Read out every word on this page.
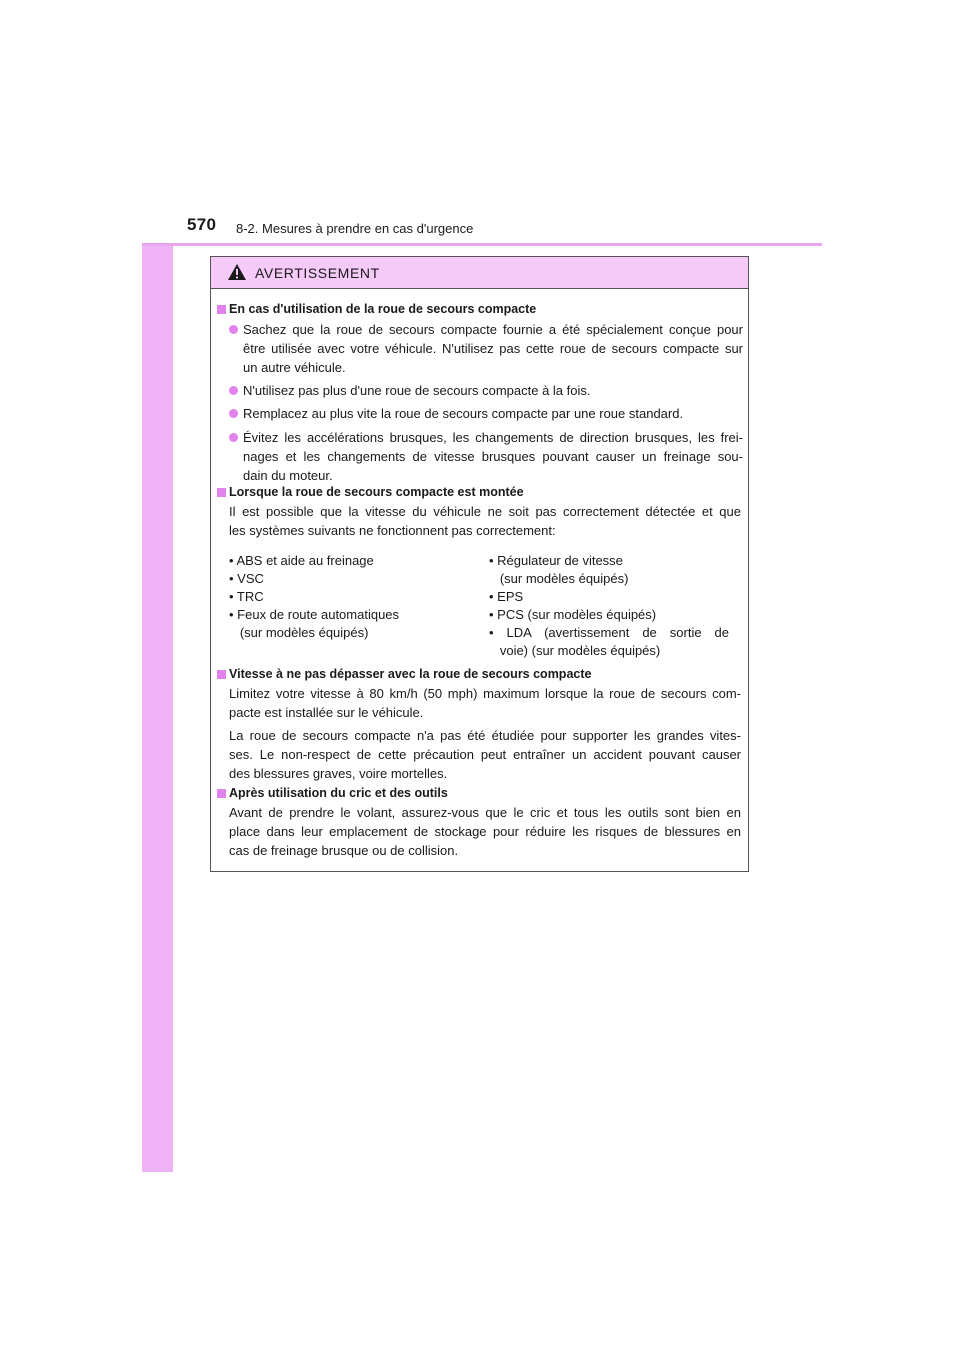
570 8-2. Mesures à prendre en cas d'urgence
AVERTISSEMENT
En cas d'utilisation de la roue de secours compacte
Sachez que la roue de secours compacte fournie a été spécialement conçue pour
être utilisée avec votre véhicule. N'utilisez pas cette roue de secours compacte sur
un autre véhicule.
N'utilisez pas plus d'une roue de secours compacte à la fois.
Remplacez au plus vite la roue de secours compacte par une roue standard.
Évitez les accélérations brusques, les changements de direction brusques, les frei-
nages et les changements de vitesse brusques pouvant causer un freinage sou-
dain du moteur.
Lorsque la roue de secours compacte est montée
Il est possible que la vitesse du véhicule ne soit pas correctement détectée et que
les systèmes suivants ne fonctionnent pas correctement:
• ABS et aide au freinage
• VSC
• TRC
• Feux de route automatiques
(sur modèles équipés)
• Régulateur de vitesse
(sur modèles équipés)
• EPS
• PCS (sur modèles équipés)
• LDA (avertissement de sortie de
voie) (sur modèles équipés)
Vitesse à ne pas dépasser avec la roue de secours compacte
Limitez votre vitesse à 80 km/h (50 mph) maximum lorsque la roue de secours com-
pacte est installée sur le véhicule.
La roue de secours compacte n'a pas été étudiée pour supporter les grandes vites-
ses. Le non-respect de cette précaution peut entraîner un accident pouvant causer
des blessures graves, voire mortelles.
Après utilisation du cric et des outils
Avant de prendre le volant, assurez-vous que le cric et tous les outils sont bien en
place dans leur emplacement de stockage pour réduire les risques de blessures en
cas de freinage brusque ou de collision.
